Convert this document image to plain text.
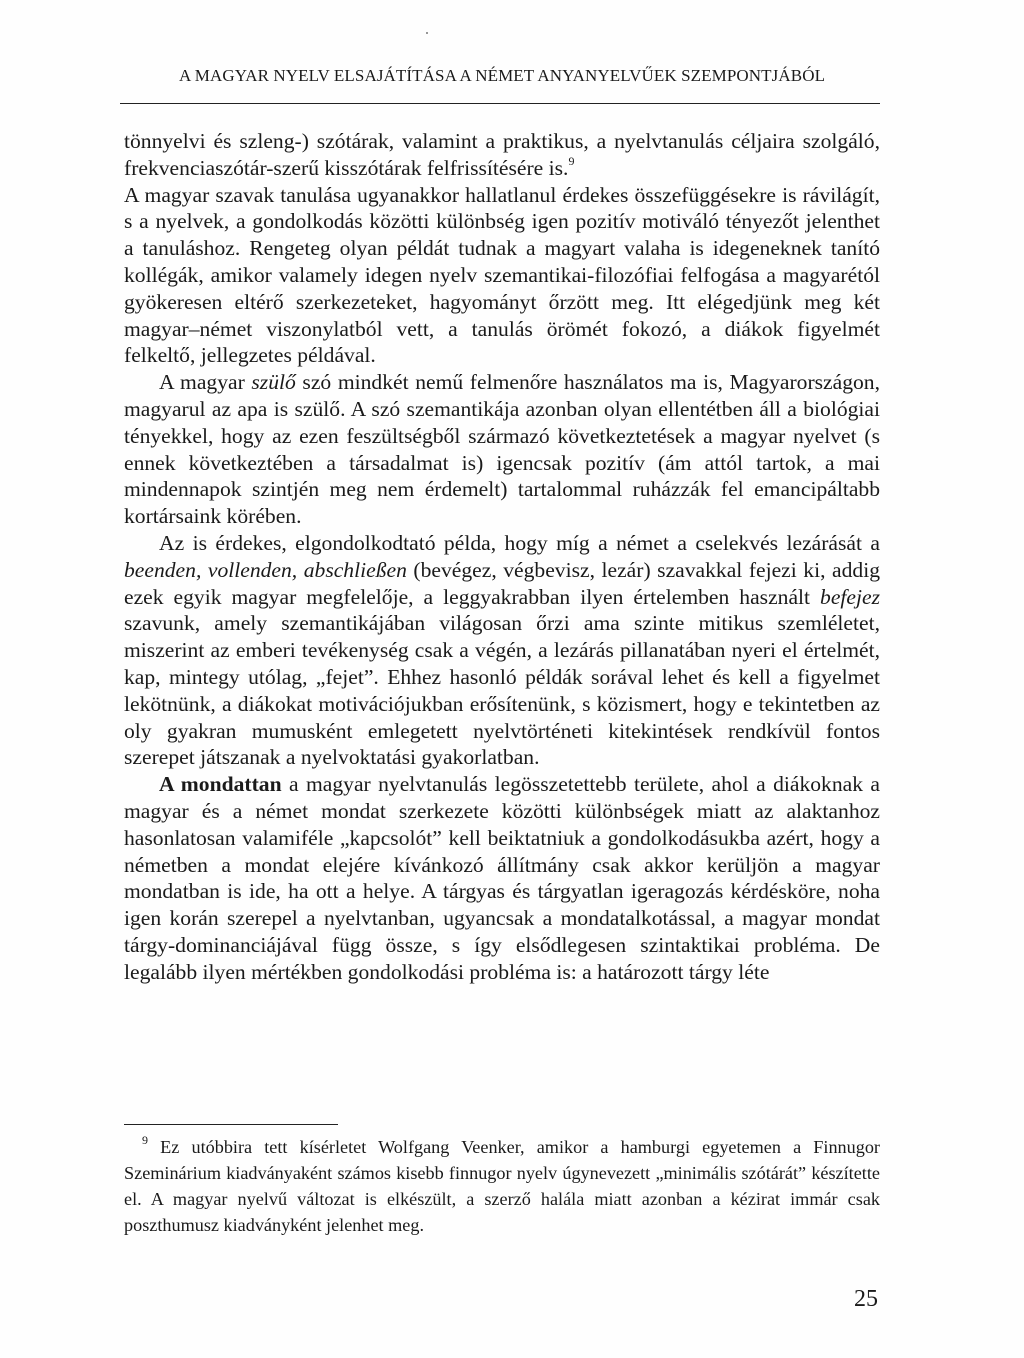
A MAGYAR NYELV ELSAJÁTÍTÁSA A NÉMET ANYANYELVŰEK SZEMPONTJÁBÓL

tönnyelvi és szleng-) szótárak, valamint a praktikus, a nyelvtanulás céljaira szolgáló, frekvenciaszótár-szerű kisszótárak felfrissítésére is.$^9$

A magyar szavak tanulása ugyanakkor hallatlanul érdekes összefüggésekre is rávilágít, s a nyelvek, a gondolkodás közötti különbség igen pozitív motiváló tényezőt jelenthet a tanuláshoz. Rengeteg olyan példát tudnak a magyart valaha is idegeneknek tanító kollégák, amikor valamely idegen nyelv szemantikai-filozófiai felfogása a magyarétól gyökeresen eltérő szerkezeteket, hagyományt őrzött meg. Itt elégedjünk meg két magyar–német viszonylatból vett, a tanulás örömét fokozó, a diákok figyelmét felkeltő, jellegzetes példával.

A magyar szülő szó mindkét nemű felmenőre használatos ma is, Magyarországon, magyarul az apa is szülő. A szó szemantikája azonban olyan ellentétben áll a biológiai tényekkel, hogy az ezen feszültségből származó következtetések a magyar nyelvet (s ennek következtében a társadalmat is) igencsak pozitív (ám attól tartok, a mai mindennapok szintjén meg nem érdemelt) tartalommal ruházzák fel emancipáltabb kortársaink körében.

Az is érdekes, elgondolkodtató példa, hogy míg a német a cselekvés lezárását a beenden, vollenden, abschließen (bevégez, végbevisz, lezár) szavakkal fejezi ki, addig ezek egyik magyar megfelelője, a leggyakrabban ilyen értelemben használt befejez szavunk, amely szemantikájában világosan őrzi ama szinte mitikus szemléletet, miszerint az emberi tevékenység csak a végén, a lezárás pillanatában nyeri el értelmét, kap, mintegy utólag, „fejet”. Ehhez hasonló példák sorával lehet és kell a figyelmet lekötnünk, a diákokat motivációjukban erősítenünk, s közismert, hogy e tekintetben az oly gyakran mumusként emlegetett nyelvtörténeti kitekintések rendkívül fontos szerepet játszanak a nyelvoktatási gyakorlatban.

A mondattan a magyar nyelvtanulás legösszetettebb területe, ahol a diákoknak a magyar és a német mondat szerkezete közötti különbségek miatt az alaktanhoz hasonlatosan valamiféle „kapcsolót” kell beiktatniuk a gondolkodásukba azért, hogy a németben a mondat elejére kívánkozó állítmány csak akkor kerüljön a magyar mondatban is ide, ha ott a helye. A tárgyas és tárgyatlan igeragozás kérdésköre, noha igen korán szerepel a nyelvtanban, ugyancsak a mondatalkotással, a magyar mondat tárgy-dominanciájával függ össze, s így elsődlegesen szintaktikai probléma. De legalább ilyen mértékben gondolkodási probléma is: a határozott tárgy léte

$^9$ Ez utóbbira tett kísérletet Wolfgang Veenker, amikor a hamburgi egyetemen a Finnugor Szeminárium kiadványaként számos kisebb finnugor nyelv úgynevezett „minimális szótárát” készítette el. A magyar nyelvű változat is elkészült, a szerző halála miatt azonban a kézirat immár csak poszthumusz kiadványként jelenhet meg.
25
